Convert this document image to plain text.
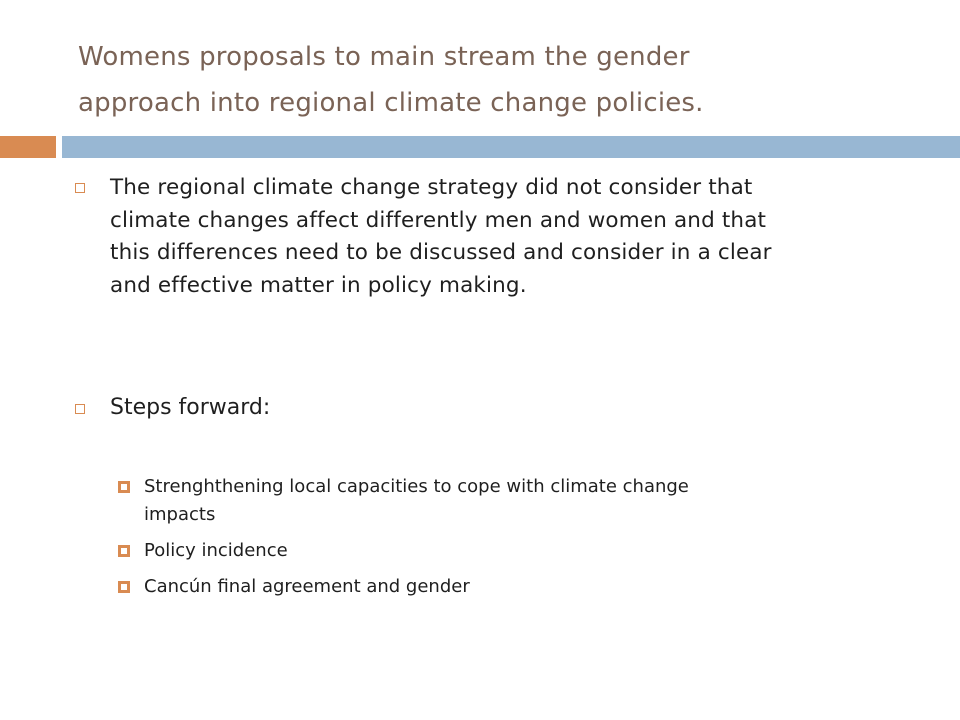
Womens proposals to main stream the gender
approach into regional climate change policies.
The regional climate change strategy did not consider that
climate changes affect differently men and women and that
this differences need to be discussed and consider in a clear
and effective matter in policy making.
Steps forward:
Strenghthening local capacities to cope with climate change
impacts
Policy incidence
Cancún final agreement and gender
